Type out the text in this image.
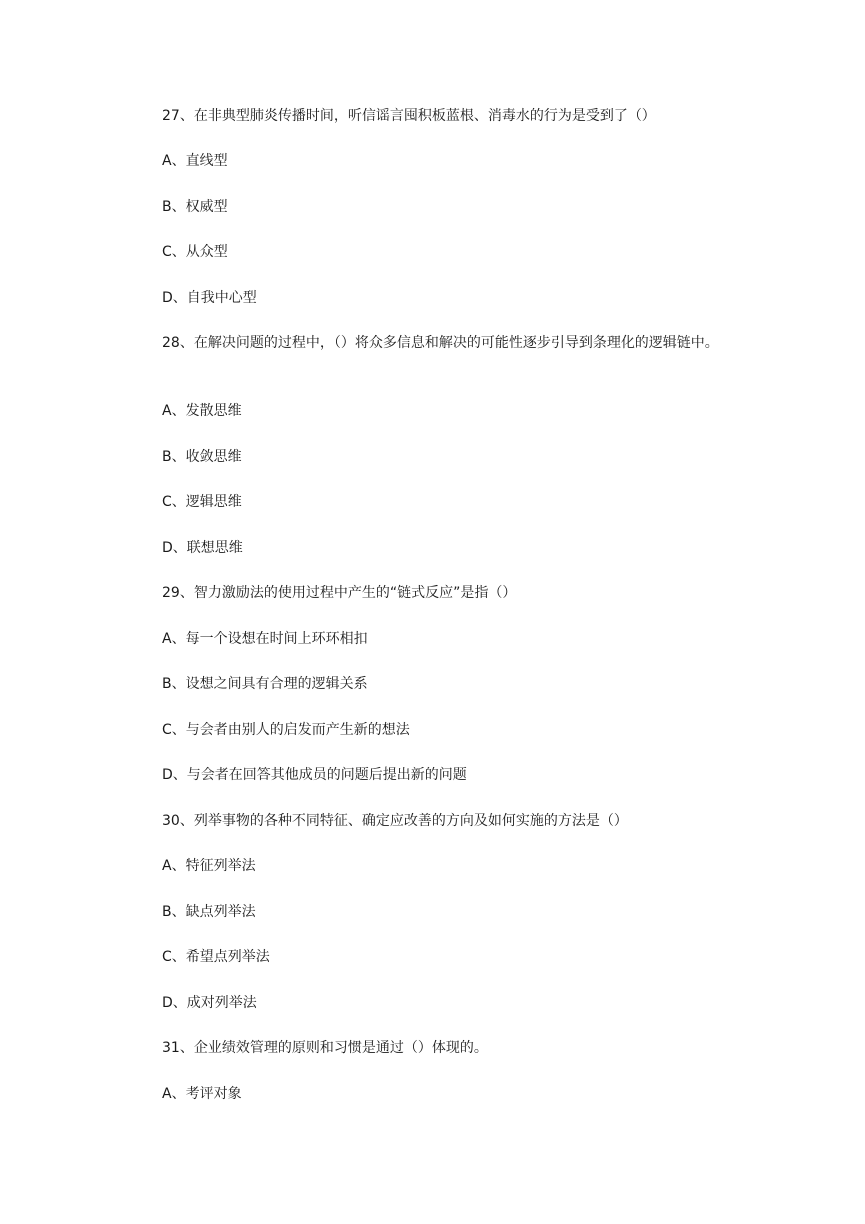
27、在非典型肺炎传播时间，听信谣言囤积板蓝根、消毒水的行为是受到了（）
A、直线型
B、权威型
C、从众型
D、自我中心型
28、在解决问题的过程中，（）将众多信息和解决的可能性逐步引导到条理化的逻辑链中。
A、发散思维
B、收敛思维
C、逻辑思维
D、联想思维
29、智力激励法的使用过程中产生的“链式反应”是指（）
A、每一个设想在时间上环环相扣
B、设想之间具有合理的逻辑关系
C、与会者由别人的启发而产生新的想法
D、与会者在回答其他成员的问题后提出新的问题
30、列举事物的各种不同特征、确定应改善的方向及如何实施的方法是（）
A、特征列举法
B、缺点列举法
C、希望点列举法
D、成对列举法
31、企业绩效管理的原则和习惯是通过（）体现的。
A、考评对象
